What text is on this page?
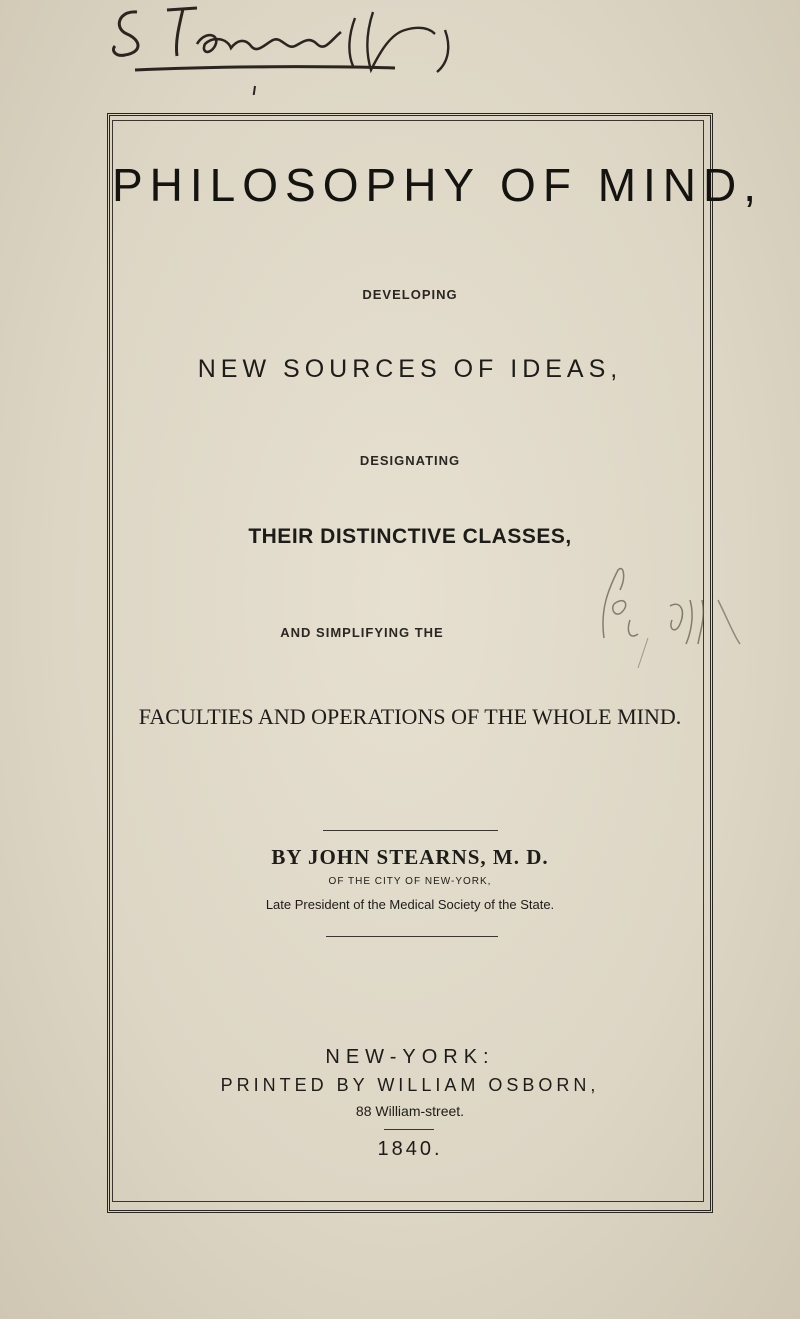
PHILOSOPHY OF MIND,
DEVELOPING
NEW SOURCES OF IDEAS,
DESIGNATING
THEIR DISTINCTIVE CLASSES,
AND SIMPLIFYING THE
FACULTIES AND OPERATIONS OF THE WHOLE MIND.
BY JOHN STEARNS, M. D.
OF THE CITY OF NEW-YORK,
Late President of the Medical Society of the State.
NEW-YORK:
PRINTED BY WILLIAM OSBORN,
88 William-street.
1840.
